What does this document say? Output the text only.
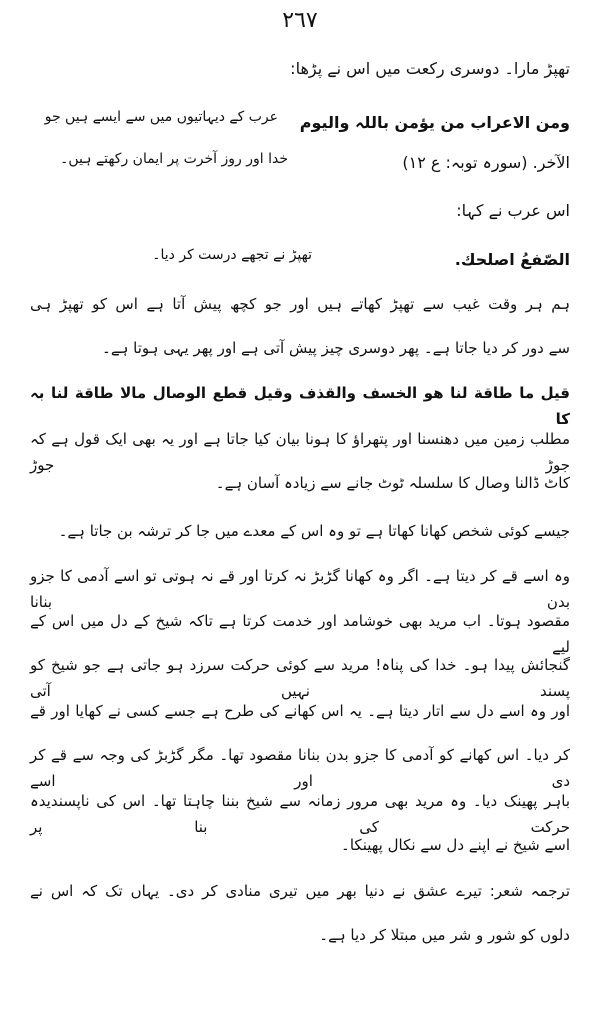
۲٦٧
تھپڑ مارا۔ دوسری رکعت میں اس نے پڑھا:
ومن الاعراب من یؤمن باللہ والیوم
عرب کے دیہاتیوں میں سے ایسے ہیں جو
خدا اور روز آخرت پر ایمان رکھتے ہیں۔	الآخر. (سورہ توبہ: ع ۱۲)
اس عرب نے کہا:
تھپڑ نے تجھے درست کر دیا۔	الصّفعُ اصلحك.
ہم ہر وقت غیب سے تھپڑ کھاتے ہیں اور جو کچھ پیش آتا ہے اس کو تھپڑ ہی
سے دور کر دیا جاتا ہے۔ پھر دوسری چیز پیش آتی ہے اور پھر یہی ہوتا ہے۔
قیل ما طاقة لنا ھو الخسف والقذف وقیل قطع الوصال مالا طاقة لنا بہ کا
مطلب زمین میں دھنسنا اور پتھراؤ کا ہونا بیان کیا جاتا ہے اور یہ بھی ایک قول ہے کہ جوڑ جوڑ
کاٹ ڈالنا وصال کا سلسلہ ٹوٹ جانے سے زیادہ آسان ہے۔
جیسے کوئی شخص کھانا کھاتا ہے تو وہ اس کے معدے میں جا کر ترشہ بن جاتا ہے۔
وہ اسے قے کر دیتا ہے۔ اگر وہ کھانا گڑبڑ نہ کرتا اور قے نہ ہوتی تو اسے آدمی کا جزو بدن بنانا
مقصود ہوتا۔ اب مرید بھی خوشامد اور خدمت کرتا ہے تاکہ شیخ کے دل میں اس کے لیے
گنجائش پیدا ہو۔ خدا کی پناہ! مرید سے کوئی حرکت سرزد ہو جاتی ہے جو شیخ کو پسند نہیں آتی
اور وہ اسے دل سے اتار دیتا ہے۔ یہ اس کھانے کی طرح ہے جسے کسی نے کھایا اور قے
کر دیا۔ اس کھانے کو آدمی کا جزو بدن بنانا مقصود تھا۔ مگر گڑبڑ کی وجہ سے قے کر دی اور اسے
باہر پھینک دیا۔ وہ مرید بھی مرور زمانہ سے شیخ بننا چاہتا تھا۔ اس کی ناپسندیدہ حرکت کی بنا پر
اسے شیخ نے اپنے دل سے نکال پھینکا۔
ترجمہ شعر: تیرے عشق نے دنیا بھر میں تیری منادی کر دی۔ یہاں تک کہ اس نے
دلوں کو شور و شر میں مبتلا کر دیا ہے۔
